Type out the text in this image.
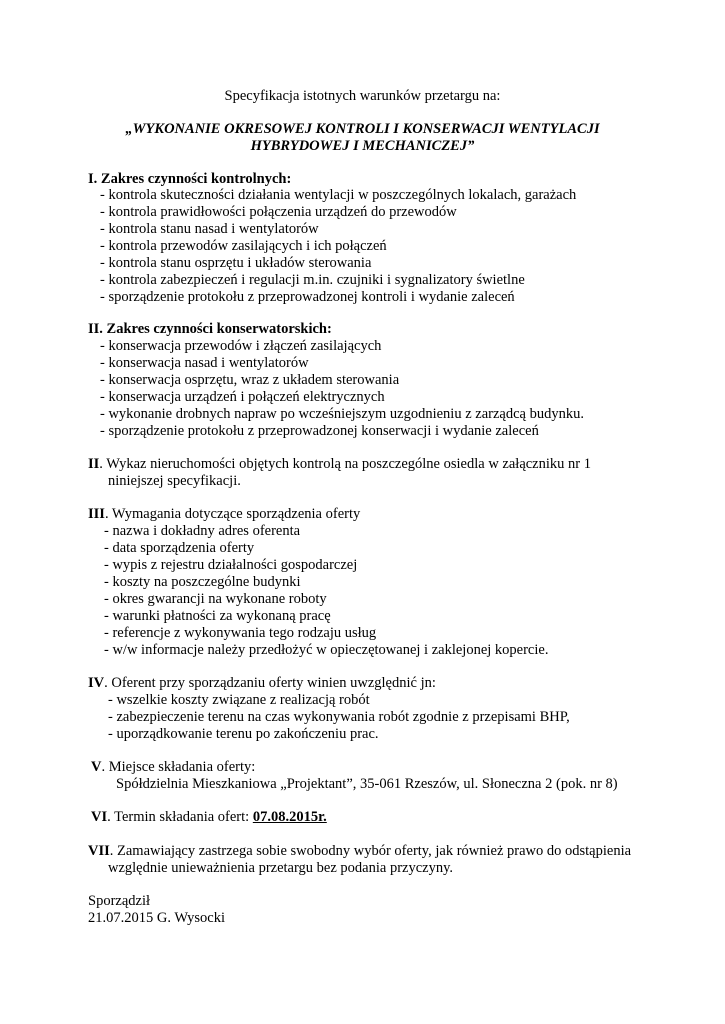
Specyfikacja istotnych warunków przetargu na:
„WYKONANIE OKRESOWEJ KONTROLI I KONSERWACJI WENTYLACJI
HYBRYDOWEJ I MECHANICZEJ”
I. Zakres czynności kontrolnych:
- kontrola skuteczności działania wentylacji w poszczególnych lokalach, garażach
- kontrola prawidłowości połączenia urządzeń do przewodów
- kontrola stanu nasad i wentylatorów
- kontrola przewodów zasilających i ich połączeń
- kontrola stanu osprzętu i układów sterowania
- kontrola zabezpieczeń i regulacji m.in. czujniki i sygnalizatory świetlne
- sporządzenie protokołu z przeprowadzonej kontroli i wydanie zaleceń
II. Zakres czynności konserwatorskich:
- konserwacja przewodów i złączeń zasilających
- konserwacja nasad i wentylatorów
- konserwacja osprzętu, wraz z układem sterowania
- konserwacja urządzeń i połączeń elektrycznych
- wykonanie drobnych napraw po wcześniejszym uzgodnieniu z zarządcą budynku.
- sporządzenie protokołu z przeprowadzonej konserwacji i wydanie zaleceń
II. Wykaz nieruchomości objętych kontrolą na poszczególne osiedla w załączniku nr 1
niniejszej specyfikacji.
III. Wymagania dotyczące sporządzenia oferty
- nazwa i dokładny adres oferenta
- data sporządzenia oferty
- wypis z rejestru działalności gospodarczej
- koszty na poszczególne budynki
- okres gwarancji na wykonane roboty
- warunki płatności za wykonaną pracę
- referencje z wykonywania tego rodzaju usług
- w/w informacje należy przedłożyć w opieczętowanej i zaklejonej kopercie.
IV. Oferent przy sporządzaniu oferty winien uwzględnić jn:
- wszelkie koszty związane z realizacją robót
- zabezpieczenie terenu na czas wykonywania robót zgodnie z przepisami BHP,
- uporządkowanie terenu po zakończeniu prac.
V. Miejsce składania oferty:
Spółdzielnia Mieszkaniowa „Projektant”, 35-061 Rzeszów, ul. Słoneczna 2 (pok. nr 8)
VI. Termin składania ofert: 07.08.2015r.
VII. Zamawiający zastrzega sobie swobodny wybór oferty, jak również prawo do odstąpienia
względnie unieważnienia przetargu bez podania przyczyny.
Sporządził
21.07.2015 G. Wysocki
